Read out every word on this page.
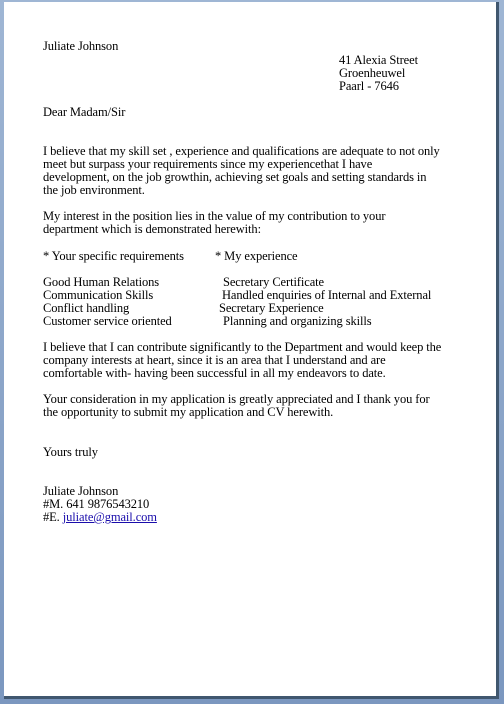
Juliate Johnson
41 Alexia Street
Groenheuwel
Paarl - 7646
Dear Madam/Sir
I believe that my skill set , experience and qualifications are adequate to not only
meet but surpass your requirements since my experiencethat I have
development, on the job growthin, achieving set goals and setting standards in
the job environment.
My interest in the position lies in the value of my contribution to your
department which is demonstrated herewith:
* Your specific requirements * My experience
Good Human Relations	Secretary Certificate
Communication Skills	Handled enquiries of Internal and External
Conflict handling	Secretary Experience
Customer service oriented	Planning and organizing skills
I believe that I can contribute significantly to the Department and would keep the
company interests at heart, since it is an area that I understand and are
comfortable with- having been successful in all my endeavors to date.
Your consideration in my application is greatly appreciated and I thank you for
the opportunity to submit my application and CV herewith.
Yours truly
Juliate Johnson
#M. 641 9876543210
#E. juliate@gmail.com
